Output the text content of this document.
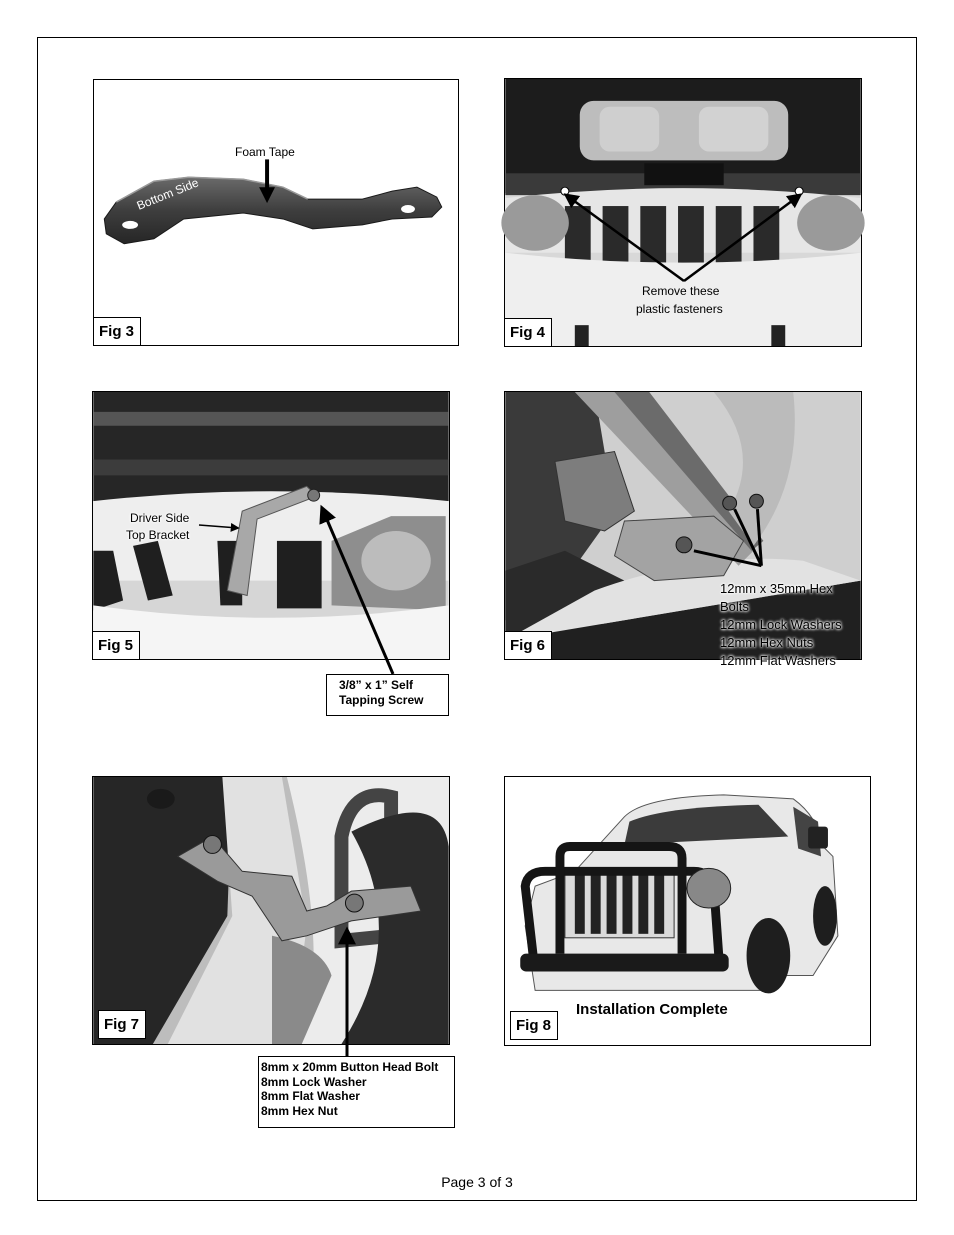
Foam Tape
Bottom Side
Fig 3
Remove these
plastic fasteners
Fig 4
Driver Side
Top Bracket
Fig 5
3/8” x 1” Self
Tapping Screw
12mm x 35mm Hex Bolts
12mm Lock Washers
12mm Hex Nuts
12mm Flat Washers
Fig 6
Fig 7
8mm x 20mm Button Head Bolt
8mm Lock Washer
8mm Flat Washer
8mm Hex Nut
Installation Complete
Fig 8
Page 3 of 3
